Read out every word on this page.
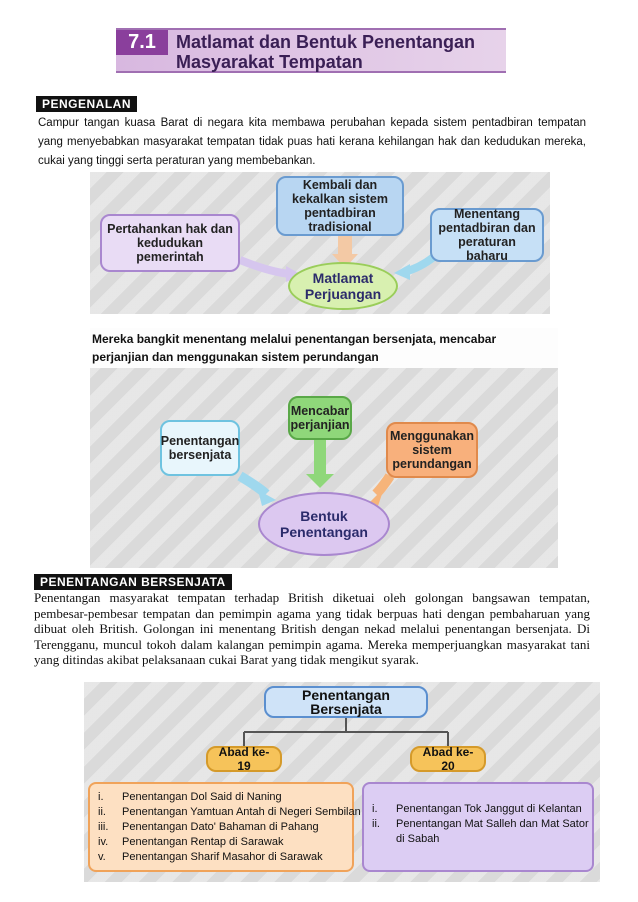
7.1	Matlamat dan Bentuk Penentangan
Masyarakat Tempatan
PENGENALAN
Campur tangan kuasa Barat di negara kita membawa perubahan kepada sistem pentadbiran tempatan yang menyebabkan masyarakat tempatan tidak puas hati kerana kehilangan hak dan kedudukan mereka, cukai yang tinggi serta peraturan yang membebankan.
Pertahankan hak dan kedudukan pemerintah
Kembali dan kekalkan sistem pentadbiran tradisional
Menentang pentadbiran dan peraturan baharu
Matlamat Perjuangan
Mereka bangkit menentang melalui penentangan bersenjata, mencabar perjanjian dan menggunakan sistem perundangan
Penentangan bersenjata
Mencabar perjanjian
Menggunakan sistem perundangan
Bentuk Penentangan
PENENTANGAN BERSENJATA
Penentangan masyarakat tempatan terhadap British diketuai oleh golongan bangsawan tempatan, pembesar-pembesar tempatan dan pemimpin agama yang tidak berpuas hati dengan pembaharuan yang dibuat oleh British. Golongan ini menentang British dengan nekad melalui penentangan bersenjata. Di Terengganu, muncul tokoh dalam kalangan pemimpin agama. Mereka memperjuangkan masyarakat tani yang ditindas akibat pelaksanaan cukai Barat yang tidak mengikut syarak.
Penentangan Bersenjata
Abad ke-19
Abad ke-20
i. Penentangan Dol Said di Naning
ii. Penentangan Yamtuan Antah di Negeri Sembilan
iii. Penentangan Dato' Bahaman di Pahang
iv. Penentangan Rentap di Sarawak
v. Penentangan Sharif Masahor di Sarawak
i. Penentangan Tok Janggut di Kelantan
ii. Penentangan Mat Salleh dan Mat Sator
di Sabah
